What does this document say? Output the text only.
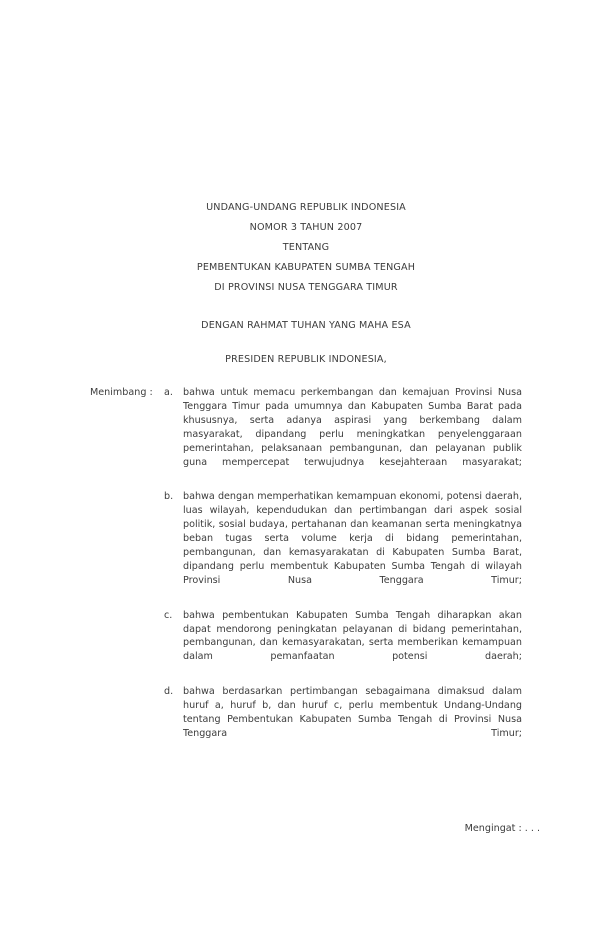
UNDANG-UNDANG REPUBLIK INDONESIA
NOMOR 3 TAHUN 2007
TENTANG
PEMBENTUKAN KABUPATEN SUMBA TENGAH
DI PROVINSI NUSA TENGGARA TIMUR
DENGAN RAHMAT TUHAN YANG MAHA ESA
PRESIDEN REPUBLIK INDONESIA,
Menimbang :	a.	bahwa untuk memacu perkembangan dan kemajuan Provinsi Nusa Tenggara Timur pada umumnya dan Kabupaten Sumba Barat pada khususnya, serta adanya aspirasi yang berkembang dalam masyarakat, dipandang perlu meningkatkan penyelenggaraan pemerintahan, pelaksanaan pembangunan, dan pelayanan publik guna mempercepat terwujudnya kesejahteraan masyarakat;
b.	bahwa dengan memperhatikan kemampuan ekonomi, potensi daerah, luas wilayah, kependudukan dan pertimbangan dari aspek sosial politik, sosial budaya, pertahanan dan keamanan serta meningkatnya beban tugas serta volume kerja di bidang pemerintahan, pembangunan, dan kemasyarakatan di Kabupaten Sumba Barat, dipandang perlu membentuk Kabupaten Sumba Tengah di wilayah Provinsi Nusa Tenggara Timur;
c.	bahwa pembentukan Kabupaten Sumba Tengah diharapkan akan dapat mendorong peningkatan pelayanan di bidang pemerintahan, pembangunan, dan kemasyarakatan, serta memberikan kemampuan dalam pemanfaatan potensi daerah;
d.	bahwa berdasarkan pertimbangan sebagaimana dimaksud dalam huruf a, huruf b, dan huruf c, perlu membentuk Undang-Undang tentang Pembentukan Kabupaten Sumba Tengah di Provinsi Nusa Tenggara Timur;
Mengingat : . . .
